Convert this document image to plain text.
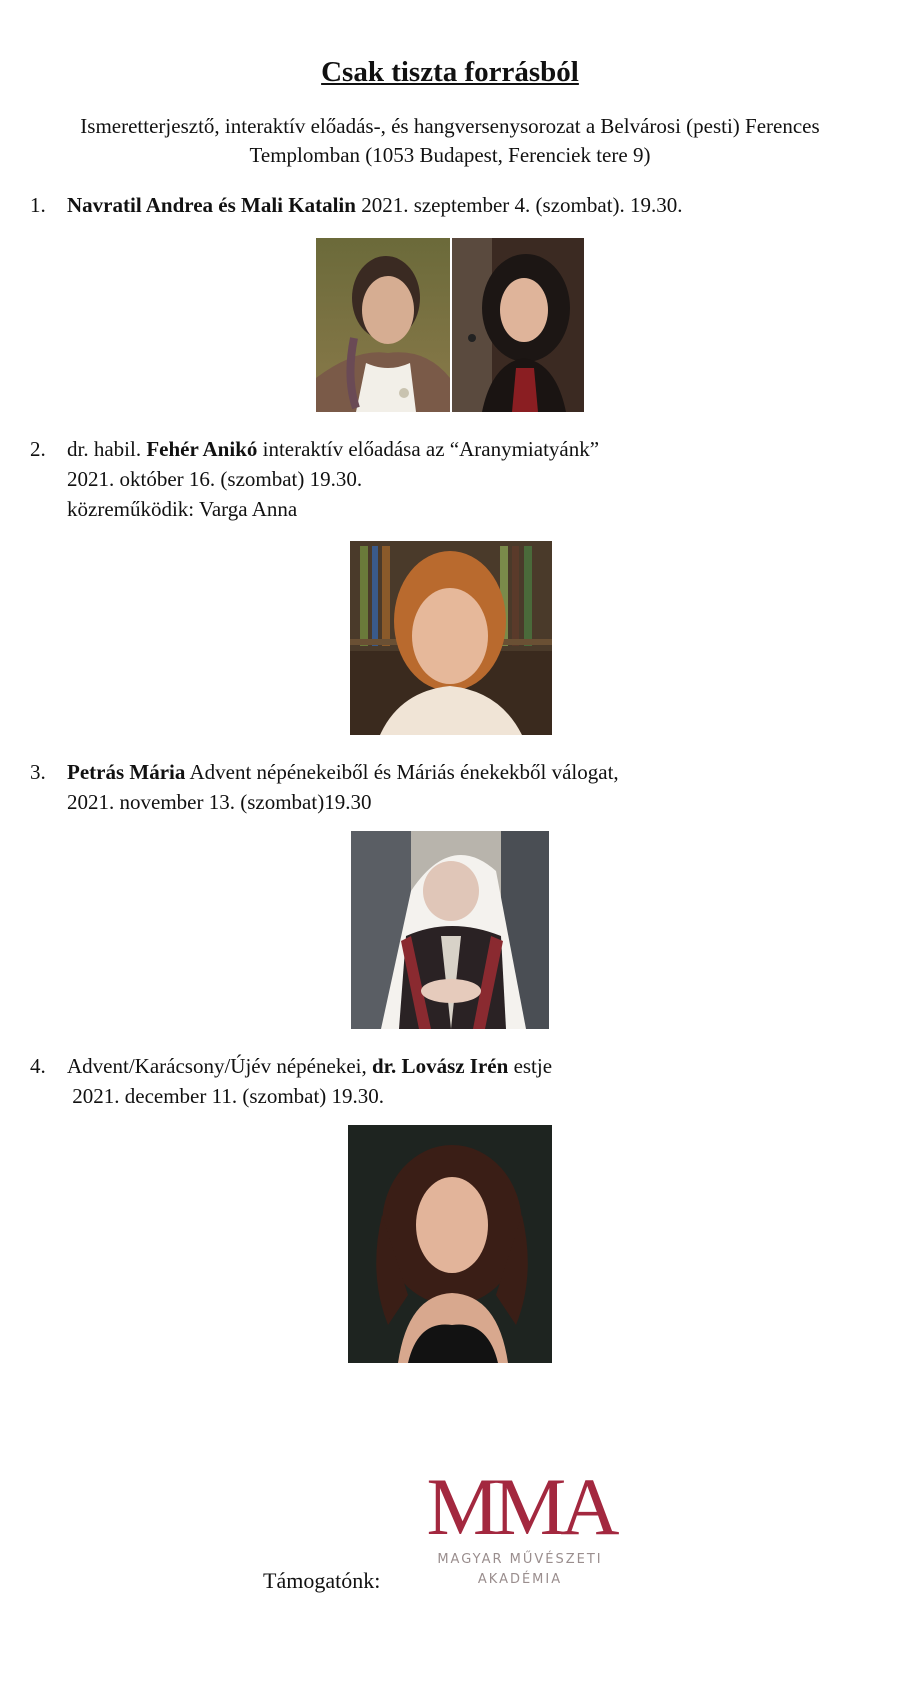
Csak tiszta forrásból
Ismeretterjesztő, interaktív előadás-, és hangversenysorozat a Belvárosi (pesti) Ferences
Templomban (1053 Budapest, Ferenciek tere 9)
1. Navratil Andrea és Mali Katalin 2021. szeptember 4. (szombat). 19.30.
2. dr. habil. Fehér Anikó interaktív előadása az “Aranymiatyánk”
2021. október 16. (szombat) 19.30.
közreműködik: Varga Anna
3. Petrás Mária Advent népénekeiből és Máriás énekekből válogat,
2021. november 13. (szombat)19.30
4. Advent/Karácsony/Újév népénekei, dr. Lovász Irén estje
2021. december 11. (szombat) 19.30.
MMA
MAGYAR MŰVÉSZETI
AKADÉMIA
Támogatónk:
